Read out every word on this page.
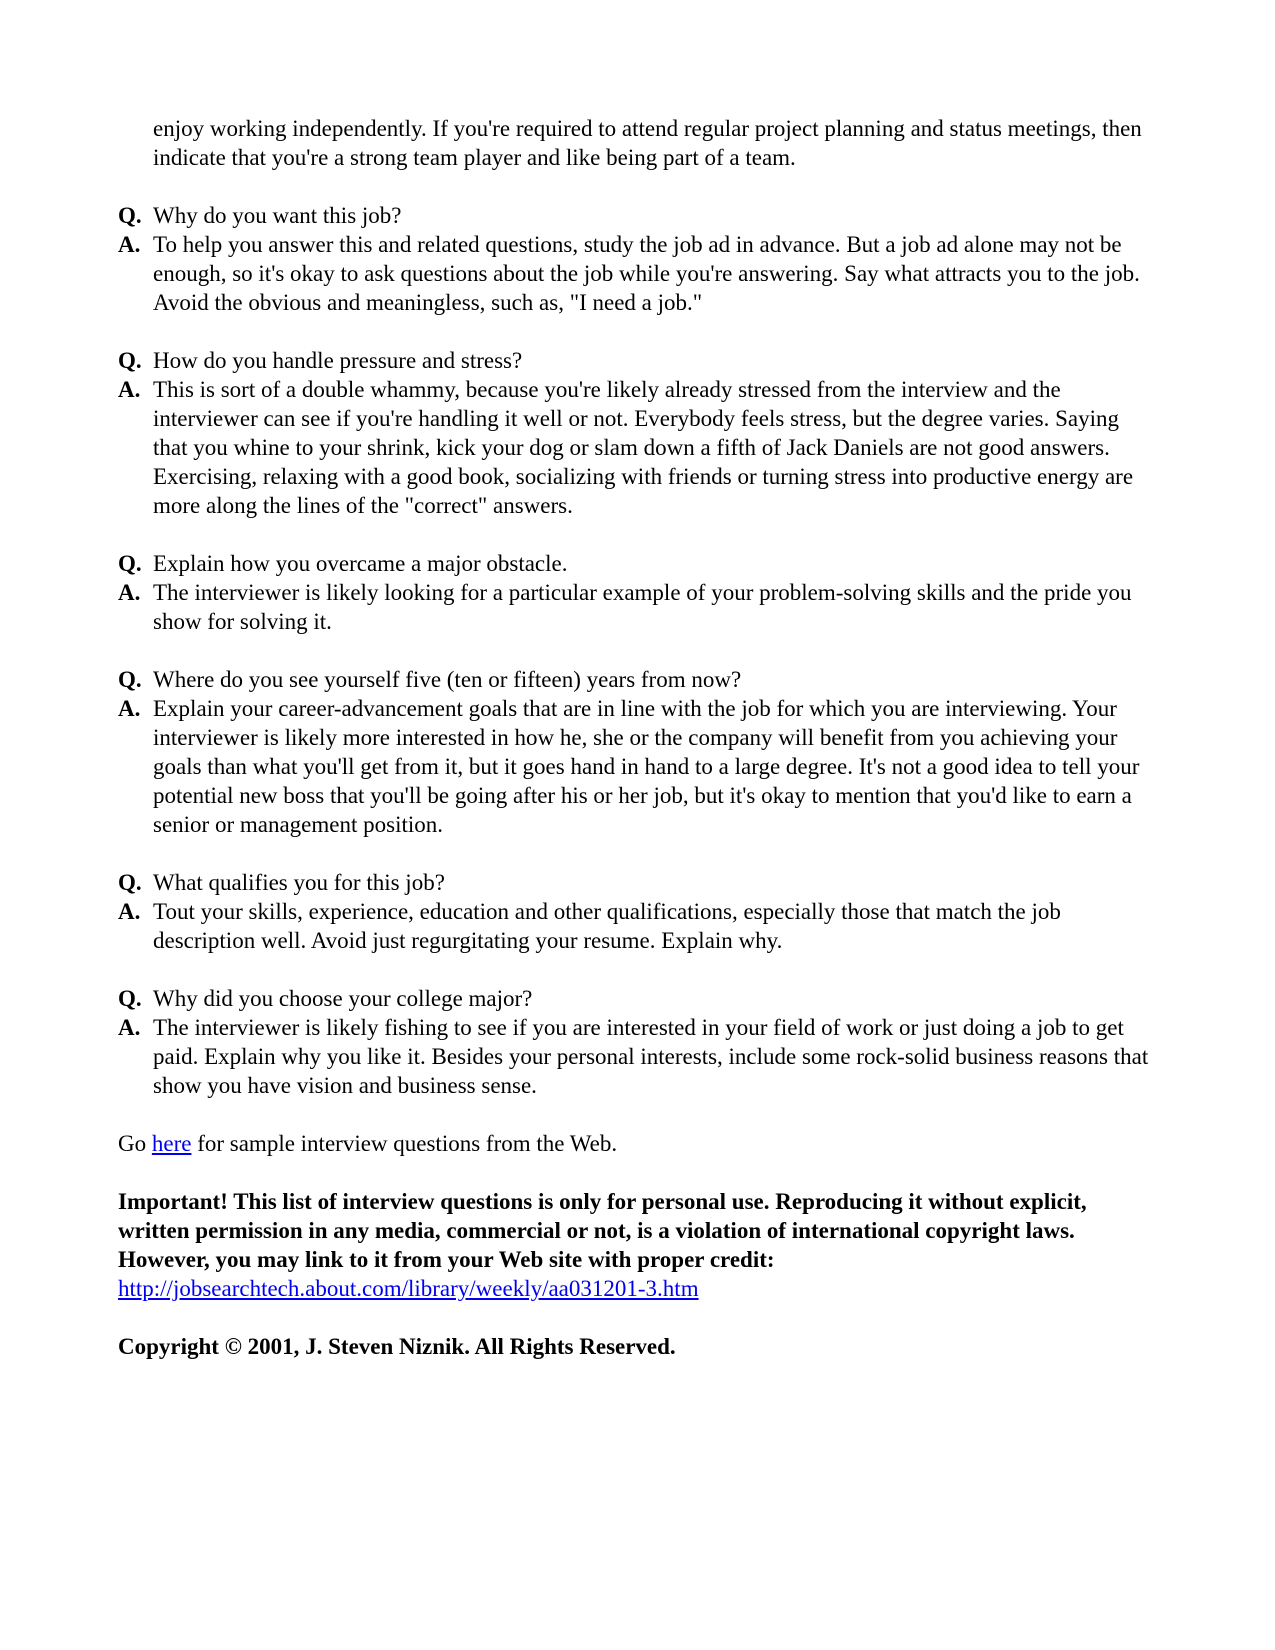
enjoy working independently. If you're required to attend regular project planning and status meetings, then indicate that you're a strong team player and like being part of a team.

Q. Why do you want this job?
A. To help you answer this and related questions, study the job ad in advance. But a job ad alone may not be enough, so it's okay to ask questions about the job while you're answering. Say what attracts you to the job. Avoid the obvious and meaningless, such as, "I need a job."
Q. How do you handle pressure and stress?
A. This is sort of a double whammy, because you're likely already stressed from the interview and the interviewer can see if you're handling it well or not. Everybody feels stress, but the degree varies. Saying that you whine to your shrink, kick your dog or slam down a fifth of Jack Daniels are not good answers. Exercising, relaxing with a good book, socializing with friends or turning stress into productive energy are more along the lines of the "correct" answers.
Q. Explain how you overcame a major obstacle.
A. The interviewer is likely looking for a particular example of your problem-solving skills and the pride you show for solving it.
Q. Where do you see yourself five (ten or fifteen) years from now?
A. Explain your career-advancement goals that are in line with the job for which you are interviewing. Your interviewer is likely more interested in how he, she or the company will benefit from you achieving your goals than what you'll get from it, but it goes hand in hand to a large degree. It's not a good idea to tell your potential new boss that you'll be going after his or her job, but it's okay to mention that you'd like to earn a senior or management position.
Q. What qualifies you for this job?
A. Tout your skills, experience, education and other qualifications, especially those that match the job description well. Avoid just regurgitating your resume. Explain why.
Q. Why did you choose your college major?
A. The interviewer is likely fishing to see if you are interested in your field of work or just doing a job to get paid. Explain why you like it. Besides your personal interests, include some rock-solid business reasons that show you have vision and business sense.

Go here for sample interview questions from the Web.

Important! This list of interview questions is only for personal use. Reproducing it without explicit, written permission in any media, commercial or not, is a violation of international copyright laws. However, you may link to it from your Web site with proper credit:
http://jobsearchtech.about.com/library/weekly/aa031201-3.htm

Copyright © 2001, J. Steven Niznik. All Rights Reserved.
